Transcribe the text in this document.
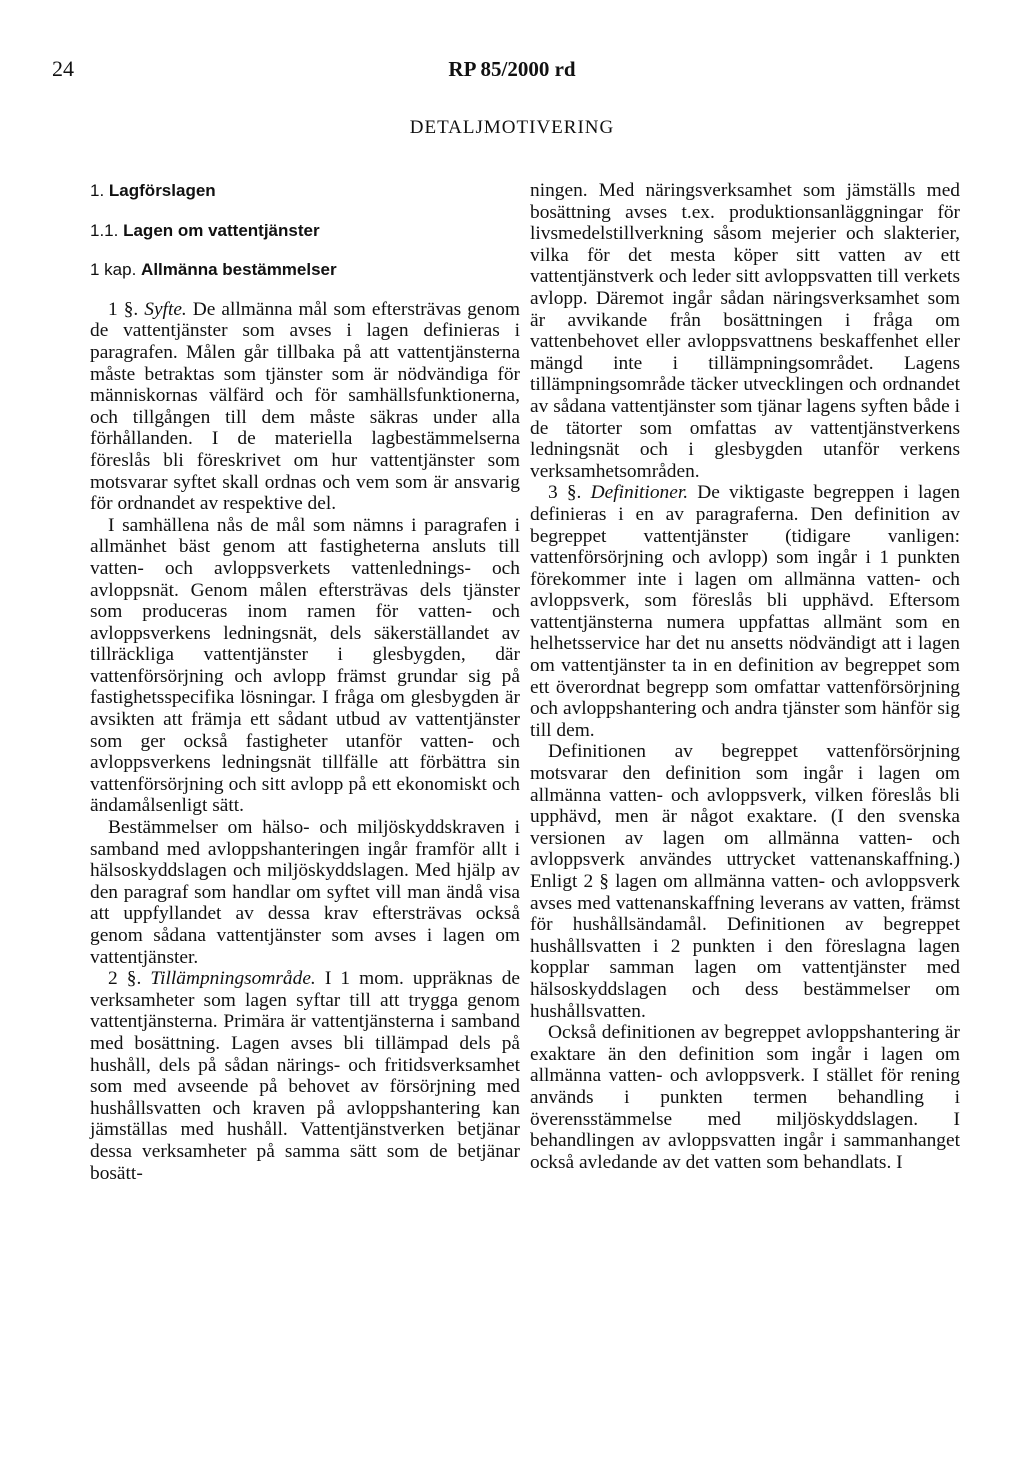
24	RP 85/2000 rd
DETALJMOTIVERING
1. Lagförslagen
1.1. Lagen om vattentjänster
1 kap. Allmänna bestämmelser

1 §. Syfte. De allmänna mål som eftersträvas genom de vattentjänster som avses i lagen definieras i paragrafen. Målen går tillbaka på att vattentjänsterna måste betraktas som tjänster som är nödvändiga för människornas välfärd och för samhällsfunktionerna, och tillgången till dem måste säkras under alla förhållanden. I de materiella lagbestämmelserna föreslås bli föreskrivet om hur vattentjänster som motsvarar syftet skall ordnas och vem som är ansvarig för ordnandet av respektive del.

I samhällena nås de mål som nämns i paragrafen i allmänhet bäst genom att fastigheterna ansluts till vatten- och avloppsverkets vattenlednings- och avloppsnät. Genom målen eftersträvas dels tjänster som produceras inom ramen för vatten- och avloppsverkens ledningsnät, dels säkerställandet av tillräckliga vattentjänster i glesbygden, där vattenförsörjning och avlopp främst grundar sig på fastighetsspecifika lösningar. I fråga om glesbygden är avsikten att främja ett sådant utbud av vattentjänster som ger också fastigheter utanför vatten- och avloppsverkens ledningsnät tillfälle att förbättra sin vattenförsörjning och sitt avlopp på ett ekonomiskt och ändamålsenligt sätt.

Bestämmelser om hälso- och miljöskyddskraven i samband med avloppshanteringen ingår framför allt i hälsoskyddslagen och miljöskyddslagen. Med hjälp av den paragraf som handlar om syftet vill man ändå visa att uppfyllandet av dessa krav eftersträvas också genom sådana vattentjänster som avses i lagen om vattentjänster.

2 §. Tillämpningsområde. I 1 mom. uppräknas de verksamheter som lagen syftar till att trygga genom vattentjänsterna. Primära är vattentjänsterna i samband med bosättning. Lagen avses bli tillämpad dels på hushåll, dels på sådan närings- och fritidsverksamhet som med avseende på behovet av försörjning med hushållsvatten och kraven på avloppshantering kan jämställas med hushåll. Vattentjänstverken betjänar dessa verksamheter på samma sätt som de betjänar bosätt-

ningen. Med näringsverksamhet som jämställs med bosättning avses t.ex. produktionsanläggningar för livsmedelstillverkning såsom mejerier och slakterier, vilka för det mesta köper sitt vatten av ett vattentjänstverk och leder sitt avloppsvatten till verkets avlopp. Däremot ingår sådan näringsverksamhet som är avvikande från bosättningen i fråga om vattenbehovet eller avloppsvattnens beskaffenhet eller mängd inte i tillämpningsområdet. Lagens tillämpningsområde täcker utvecklingen och ordnandet av sådana vattentjänster som tjänar lagens syften både i de tätorter som omfattas av vattentjänstverkens ledningsnät och i glesbygden utanför verkens verksamhetsområden.

3 §. Definitioner. De viktigaste begreppen i lagen definieras i en av paragraferna. Den definition av begreppet vattentjänster (tidigare vanligen: vattenförsörjning och avlopp) som ingår i 1 punkten förekommer inte i lagen om allmänna vatten- och avloppsverk, som föreslås bli upphävd. Eftersom vattentjänsterna numera uppfattas allmänt som en helhetsservice har det nu ansetts nödvändigt att i lagen om vattentjänster ta in en definition av begreppet som ett överordnat begrepp som omfattar vattenförsörjning och avloppshantering och andra tjänster som hänför sig till dem.

Definitionen av begreppet vattenförsörjning motsvarar den definition som ingår i lagen om allmänna vatten- och avloppsverk, vilken föreslås bli upphävd, men är något exaktare. (I den svenska versionen av lagen om allmänna vatten- och avloppsverk användes uttrycket vattenanskaffning.) Enligt 2 § lagen om allmänna vatten- och avloppsverk avses med vattenanskaffning leverans av vatten, främst för hushållsändamål. Definitionen av begreppet hushållsvatten i 2 punkten i den föreslagna lagen kopplar samman lagen om vattentjänster med hälsoskyddslagen och dess bestämmelser om hushållsvatten.

Också definitionen av begreppet avloppshantering är exaktare än den definition som ingår i lagen om allmänna vatten- och avloppsverk. I stället för rening används i punkten termen behandling i överensstämmelse med miljöskyddslagen. I behandlingen av avloppsvatten ingår i sammanhanget också avledande av det vatten som behandlats. I
